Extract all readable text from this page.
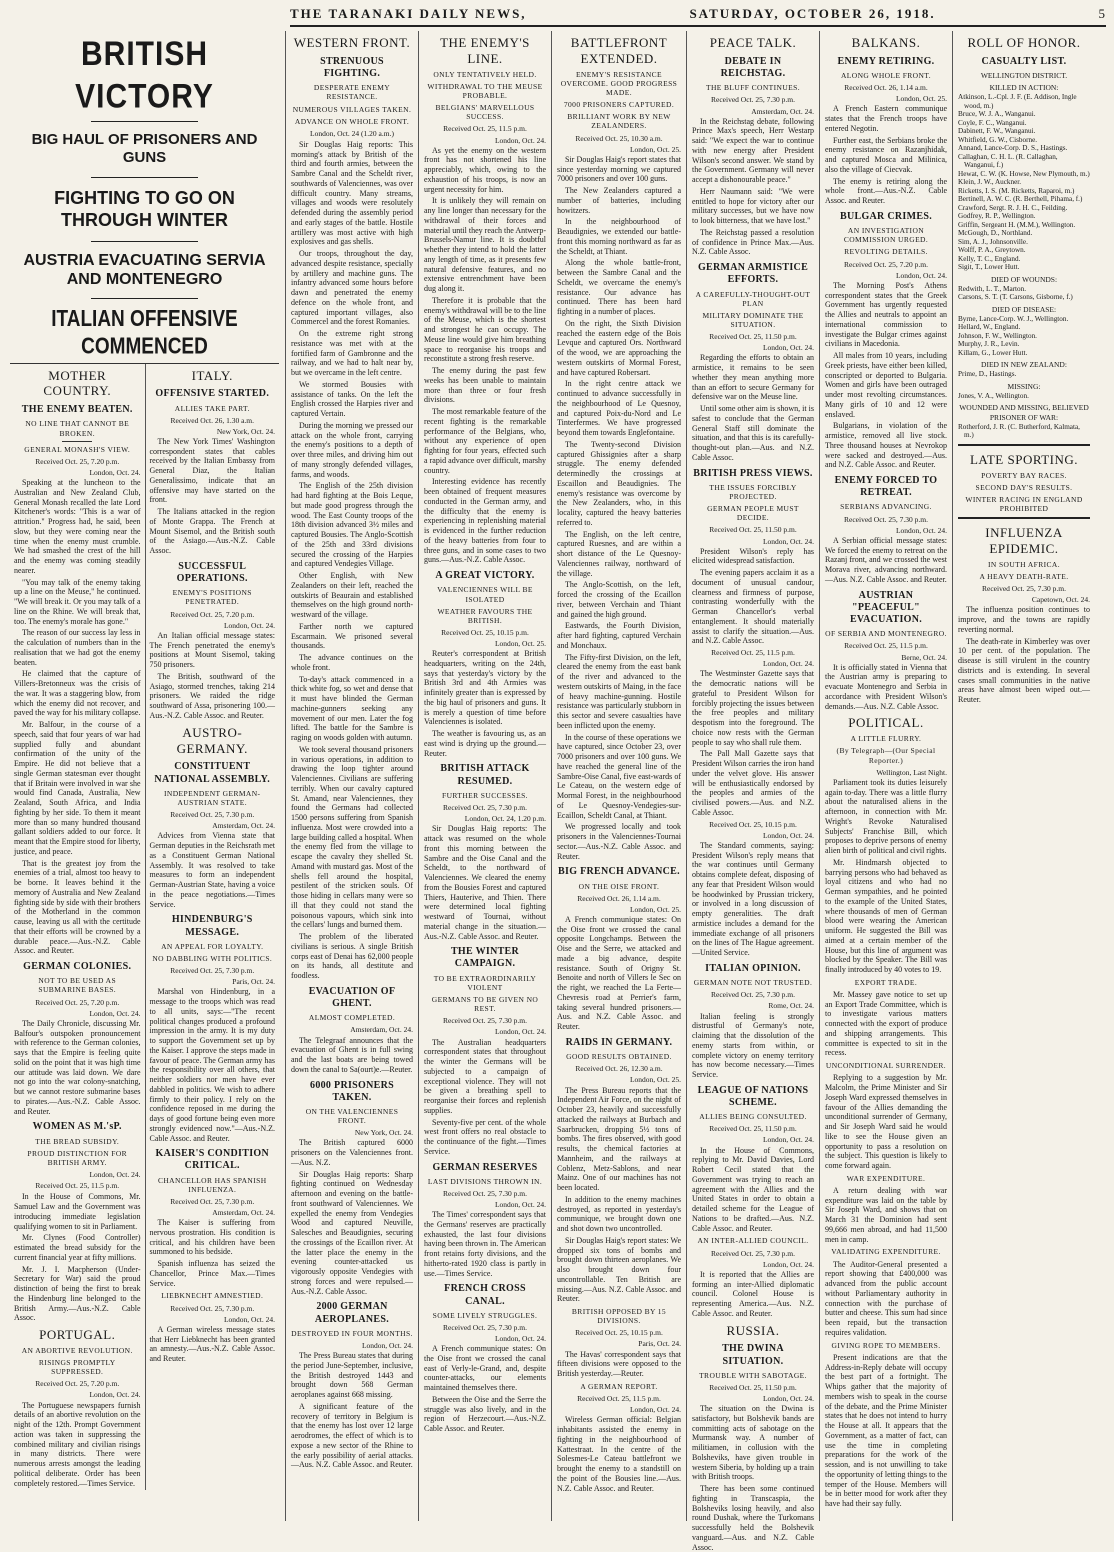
THE TARANAKI DAILY NEWS,	SATURDAY, OCTOBER 26, 1918.	5
BRITISH VICTORY
BIG HAUL OF PRISONERS AND GUNS
FIGHTING TO GO ON THROUGH WINTER
AUSTRIA EVACUATING SERVIA AND MONTENEGRO
ITALIAN OFFENSIVE COMMENCED
MOTHER COUNTRY.
THE ENEMY BEATEN.
NO LINE THAT CANNOT BE BROKEN.
GENERAL MONASH'S VIEW.
Received Oct. 25, 7.20 p.m.
London, Oct. 24.

Speaking at the luncheon to the Australian and New Zealand Club, General Monash recalled the late Lord Kitchener's words: "This is a war of attrition." Progress had, he said, been slow, but they were coming near the time when the enemy must crumble. We had smashed the crest of the hill and the enemy was coming steadily nearer.

"You may talk of the enemy taking up a line on the Meuse," he continued. "We will break it. Or you may talk of a line on the Rhine. We will break that, too. The enemy's morale has gone."

The reason of our success lay less in the calculation of numbers than in the realisation that we had got the enemy beaten.

He claimed that the capture of Villers-Bretonneux was the crisis of the war. It was a staggering blow, from which the enemy did not recover, and paved the way for his military collapse.

Mr. Balfour, in the course of a speech, said that four years of war had supplied fully and abundant confirmation of the unity of the Empire. He did not believe that a single German statesman ever thought that if Britain were involved in war she would find Canada, Australia, New Zealand, South Africa, and India fighting by her side. To them it meant more than so many hundred thousand gallant soldiers added to our force. It meant that the Empire stood for liberty, justice, and peace.

That is the greatest joy from the enemies of a trial, almost too heavy to be borne. It leaves behind it the memory of Australia and New Zealand fighting side by side with their brothers of the Motherland in the common cause, leaving us all with the certitude that their efforts will be crowned by a durable peace.—Aus.-N.Z. Cable Assoc. and Reuter.

GERMAN COLONIES.
NOT TO BE USED AS SUBMARINE BASES.
Received Oct. 25, 7.20 p.m.
London, Oct. 24.

The Daily Chronicle, discussing Mr. Balfour's outspoken pronouncement with reference to the German colonies, says that the Empire is feeling quite solid on the point that it was high time our attitude was laid down. We dare not go into the war colony-snatching, but we cannot restore submarine bases to pirates.—Aus.-N.Z. Cable Assoc. and Reuter.

WOMEN AS M.'sP.
THE BREAD SUBSIDY.
PROUD DISTINCTION FOR BRITISH ARMY.
London, Oct. 24.
Received Oct. 25, 11.5 p.m.

In the House of Commons, Mr. Samuel Law and the Government was introducing immediate legislation qualifying women to sit in Parliament.

Mr. Clynes (Food Controller) estimated the bread subsidy for the current financial year at fifty millions.

Mr. J. I. Macpherson (Under-Secretary for War) said the proud distinction of being the first to break the Hindenburg line belonged to the British Army.—Aus.-N.Z. Cable Assoc.

PORTUGAL.
AN ABORTIVE REVOLUTION.
RISINGS PROMPTLY SUPPRESSED.
Received Oct. 25, 7.20 p.m.
London, Oct. 24.

The Portuguese newspapers furnish details of an abortive revolution on the night of the 12th. Prompt Government action was taken in suppressing the combined military and civilian risings in many districts. There were numerous arrests amongst the leading political deliberate. Order has been completely restored.—Times Service.

ITALY.
OFFENSIVE STARTED.
ALLIES TAKE PART.
Received Oct. 26, 1.30 a.m.
New York, Oct. 24.

The New York Times' Washington correspondent states that cables received by the Italian Embassy from General Diaz, the Italian Generalissimo, indicate that an offensive may have started on the front.

The Italians attacked in the region of Monte Grappa. The French at Mount Sisemol, and the British south of the Asiago.—Aus.-N.Z. Cable Assoc.

SUCCESSFUL OPERATIONS.
ENEMY'S POSITIONS PENETRATED.
Received Oct. 25, 7.20 p.m.
London, Oct. 24.

An Italian official message states: The French penetrated the enemy's positions at Mount Sisemol, taking 750 prisoners.

The British, southward of the Asiago, stormed trenches, taking 214 prisoners. We raided the ridge southward of Assa, prisonering 100.—Aus.-N.Z. Cable Assoc. and Reuter.

AUSTRO-GERMANY.
CONSTITUENT NATIONAL ASSEMBLY.
INDEPENDENT GERMAN-AUSTRIAN STATE.
Received Oct. 25, 7.30 p.m.
Amsterdam, Oct. 24.

Advices from Vienna state that German deputies in the Reichsrath met as a Constituent German National Assembly. It was resolved to take measures to form an independent German-Austrian State, having a voice in the peace negotiations.—Times Service.

HINDENBURG'S MESSAGE.
AN APPEAL FOR LOYALTY.
NO DABBLING WITH POLITICS.
Received Oct. 25, 7.30 p.m.
Paris, Oct. 24.

Marshal von Hindenburg, in a message to the troops which was read to all units, says:—"The recent political changes produced a profound impression in the army. It is my duty to support the Government set up by the Kaiser. I approve the steps made in favour of peace. The German army has the responsibility over all others, that neither soldiers nor men have ever dabbled in politics. We wish to adhere firmly to their policy. I rely on the confidence reposed in me during the days of good fortune being even more strongly evidenced now."—Aus.-N.Z. Cable Assoc. and Reuter.

KAISER'S CONDITION CRITICAL.
CHANCELLOR HAS SPANISH INFLUENZA.
Received Oct. 25, 7.30 p.m.
Amsterdam, Oct. 24.

The Kaiser is suffering from nervous prostration. His condition is critical, and his children have been summoned to his bedside.

Spanish influenza has seized the Chancellor, Prince Max.—Times Service.

LIEBKNECHT AMNESTIED.
Received Oct. 25, 7.30 p.m.
London, Oct. 24.

A German wireless message states that Herr Liebknecht has been granted an amnesty.—Aus.-N.Z. Cable Assoc. and Reuter.

WESTERN FRONT.
STRENUOUS FIGHTING.
DESPERATE ENEMY RESISTANCE.
NUMEROUS VILLAGES TAKEN.
ADVANCE ON WHOLE FRONT.
London, Oct. 24 (1.20 a.m.)

Sir Douglas Haig reports: This morning's attack by British of the third and fourth armies, between the Sambre Canal and the Scheldt river, southwards of Valenciennes, was over difficult country. Many streams, villages and woods were resolutely defended during the assembly period and early stages of the battle. Hostile artillery was most active with high explosives and gas shells.

Our troops, throughout the day, advanced despite resistance, specially by artillery and machine guns. The infantry advanced some hours before dawn and penetrated the enemy defence on the whole front, and captured important villages, also Commercel and the forest Romanies.

On the extreme right strong resistance was met with at the fortified farm of Gambronne and the railway, and we had to halt near by, but we overcame in the left centre.

We stormed Bousies with assistance of tanks. On the left the English crossed the Harpies river and captured Vertain.

During the morning we pressed our attack on the whole front, carrying the enemy's positions to a depth of over three miles, and driving him out of many strongly defended villages, farms, and woods.

The English of the 25th division had hard fighting at the Bois Leque, but made good progress through the wood. The East County troops of the 18th division advanced 3½ miles and captured Bousies. The Anglo-Scottish of the 25th and 33rd divisions secured the crossing of the Harpies and captured Vendegies Village.

Other English, with New Zealanders on their left, reached the outskirts of Beaurain and established themselves on the high ground north-westward of the village.

Farther north we captured Escarmain. We prisoned several thousands.

The advance continues on the whole front.

To-day's attack commenced in a thick white fog, so wet and dense that it must have blinded the German machine-gunners seeking any movement of our men. Later the fog lifted. The battle for the Sambre is raging on woods golden with autumn.

We took several thousand prisoners in various operations, in addition to drawing the loop tighter around Valenciennes. Civilians are suffering terribly. When our cavalry captured St. Amand, near Valenciennes, they found the Germans had collected 1500 persons suffering from Spanish influenza. Most were crowded into a large building called a hospital. When the enemy fled from the village to escape the cavalry they shelled St. Amand with mustard gas. Most of the shells fell around the hospital, pestilent of the stricken souls. Of those hiding in cellars many were so ill that they could not stand the poisonous vapours, which sink into the cellars' lungs and burned them.

The problem of the liberated civilians is serious. A single British corps east of Denai has 62,000 people on its hands, all destitute and foodless.

EVACUATION OF GHENT.
ALMOST COMPLETED.
Amsterdam, Oct. 24.

The Telegraaf announces that the evacuation of Ghent is in full swing and the last boats are being towed down the canal to Sa(ourt)e.—Reuter.

6000 PRISONERS TAKEN.
ON THE VALENCIENNES FRONT.
New York, Oct. 24.

The British captured 6000 prisoners on the Valenciennes front.—Aus. N.Z.

Sir Douglas Haig reports: Sharp fighting continued on Wednesday afternoon and evening on the battle-front southward of Valenciennes. We expelled the enemy from Vendegies Wood and captured Neuville, Salesches and Beaudignies, securing the crossings of the Ecaillon river. At the latter place the enemy in the evening counter-attacked us vigorously opposite Vendegies with strong forces and were repulsed.—Aus.-N.Z. Cable Assoc.

2000 GERMAN AEROPLANES.
DESTROYED IN FOUR MONTHS.
London, Oct. 24.

The Press Bureau states that during the period June-September, inclusive, the British destroyed 1443 and brought down 568 German aeroplanes against 668 missing.

A significant feature of the recovery of territory in Belgium is that the enemy has lost over 12 large aerodromes, the effect of which is to expose a new sector of the Rhine to the early possibility of aerial attacks.—Aus. N.Z. Cable Assoc. and Reuter.

THE ENEMY'S LINE.
ONLY TENTATIVELY HELD.
WITHDRAWAL TO THE MEUSE PROBABLE.
BELGIANS' MARVELLOUS SUCCESS.
Received Oct. 25, 11.5 p.m.
London, Oct. 24.

As yet the enemy on the western front has not shortened his line appreciably, which, owing to the exhaustion of his troops, is now an urgent necessity for him.

It is unlikely they will remain on any line longer than necessary for the withdrawal of their forces and material until they reach the Antwerp-Brussels-Namur line. It is doubtful whether they intend to hold the latter any length of time, as it presents few natural defensive features, and no extensive entrenchment have been dug along it.

Therefore it is probable that the enemy's withdrawal will be to the line of the Meuse, which is the shortest and strongest he can occupy. The Meuse line would give him breathing space to reorganise his troops and reconstitute a strong fresh reserve.

The enemy during the past few weeks has been unable to maintain more than three or four fresh divisions.

The most remarkable feature of the recent fighting is the remarkable performance of the Belgians, who, without any experience of open fighting for four years, effected such a rapid advance over difficult, marshy country.

Interesting evidence has recently been obtained of frequent measures conducted in the German army, and the difficulty that the enemy is experiencing in replenishing material is evidenced in the further reduction of the heavy batteries from four to three guns, and in some cases to two guns.—Aus.-N.Z. Cable Assoc.

A GREAT VICTORY.
VALENCIENNES WILL BE ISOLATED
WEATHER FAVOURS THE BRITISH.
Received Oct. 25, 10.15 p.m.
London, Oct. 25.

Reuter's correspondent at British headquarters, writing on the 24th, says that yesterday's victory by the British 3rd and 4th Armies was infinitely greater than is expressed by the big haul of prisoners and guns. It is merely a question of time before Valenciennes is isolated.

The weather is favouring us, as an east wind is drying up the ground.—Reuter.

BRITISH ATTACK RESUMED.
FURTHER SUCCESSES.
Received Oct. 25, 7.30 p.m.
London, Oct. 24, 1.20 p.m.

Sir Douglas Haig reports: The attack was resumed on the whole front this morning between the Sambre and the Oise Canal and the Scheldt, to the northward of Valenciennes. We cleared the enemy from the Bousies Forest and captured Thiers, Hauterive, and Thien. There were determined local fighting westward of Tournai, without material change in the situation.—Aus.-N.Z. Cable Assoc. and Reuter.

THE WINTER CAMPAIGN.
TO BE EXTRAORDINARILY VIOLENT
GERMANS TO BE GIVEN NO REST.
Received Oct. 25, 7.30 p.m.
London, Oct. 24.

The Australian headquarters correspondent states that throughout the winter the Germans will be subjected to a campaign of exceptional violence. They will not be given a breathing spell to reorganise their forces and replenish supplies.

Seventy-five per cent. of the whole west front offers no real obstacle to the continuance of the fight.—Times Service.

GERMAN RESERVES
LAST DIVISIONS THROWN IN.
Received Oct. 25, 7.30 p.m.
London, Oct. 24.

The Times' correspondent says that the Germans' reserves are practically exhausted, the last four divisions having been thrown in. The American front retains forty divisions, and the hitherto-rated 1920 class is partly in use.—Times Service.

FRENCH CROSS CANAL.
SOME LIVELY STRUGGLES.
Received Oct. 25, 7.30 p.m.
London, Oct. 24.

A French communique states: On the Oise front we crossed the canal east of Verly-le-Grand, and, despite counter-attacks, our elements maintained themselves there.

Between the Oise and the Serre the struggle was also lively, and in the region of Herzecourt.—Aus.-N.Z. Cable Assoc. and Reuter.

BATTLEFRONT EXTENDED.
ENEMY'S RESISTANCE OVERCOME. GOOD PROGRESS MADE.
7000 PRISONERS CAPTURED.
BRILLIANT WORK BY NEW ZEALANDERS.
Received Oct. 25, 10.30 a.m.
London, Oct. 25.

Sir Douglas Haig's report states that since yesterday morning we captured 7000 prisoners and over 100 guns.

The New Zealanders captured a number of batteries, including howitzers.

In the neighbourhood of Beaudignies, we extended our battle-front this morning northward as far as the Scheldt, at Thiant.

Along the whole battle-front, between the Sambre Canal and the Scheldt, we overcame the enemy's resistance. Our advance has continued. There has been hard fighting in a number of places.

On the right, the Sixth Division reached the eastern edge of the Bois Levque and captured Ors. Northward of the wood, we are approaching the western outskirts of Mormal Forest, and have captured Robersart.

In the right centre attack we continued to advance successfully in the neighbourhood of Le Quesnoy, and captured Poix-du-Nord and Le Tinterfermes. We have progressed beyond them towards Englefontaine.

The Twenty-second Division captured Ghissignies after a sharp struggle. The enemy defended determinedly the crossings at Escaillon and Beaudignies. The enemy's resistance was overcome by the New Zealanders, who, in this locality, captured the heavy batteries referred to.

The English, on the left centre, captured Ruesnes, and are within a short distance of the Le Quesnoy-Valenciennes railway, northward of the village.

The Anglo-Scottish, on the left, forced the crossing of the Ecaillon river, between Verchain and Thiant and gained the high ground.

Eastwards, the Fourth Division, after hard fighting, captured Verchain and Monchaux.

The Fifty-first Division, on the left, cleared the enemy from the east bank of the river and advanced to the western outskirts of Maing, in the face of heavy machine-gunning. Hostile resistance was particularly stubborn in this sector and severe casualties have been inflicted upon the enemy.

In the course of these operations we have captured, since October 23, over 7000 prisoners and over 100 guns. We have reached the general line of the Sambre-Oise Canal, five east-wards of Le Cateau, on the western edge of Mormal Forest, in the neighbourhood of Le Quesnoy-Vendegies-sur-Ecaillon, Scheldt Canal, at Thiant.

We progressed locally and took prisoners in the Valenciennes-Tournai sector.—Aus.-N.Z. Cable Assoc. and Reuter.

BIG FRENCH ADVANCE.
ON THE OISE FRONT.
Received Oct. 26, 1.14 a.m.
London, Oct. 25.

A French communique states: On the Oise front we crossed the canal opposite Longchamps. Between the Oise and the Serre, we attacked and made a big advance, despite resistance. South of Origny St. Benoite and north of Villers le Sec on the right, we reached the La Ferte—Chevresis road at Perrier's farm, taking several hundred prisoners.—Aus. and N.Z. Cable Assoc. and Reuter.

RAIDS IN GERMANY.
GOOD RESULTS OBTAINED.
Received Oct. 26, 12.30 a.m.
London, Oct. 25.

The Press Bureau reports that the Independent Air Force, on the night of October 23, heavily and successfully attacked the railways at Burbach and Saarbrucken, dropping 5½ tons of bombs. The fires observed, with good results, the chemical factories at Mannheim, and the railways at Coblenz, Metz-Sablons, and near Mainz. One of our machines has not been located.

In addition to the enemy machines destroyed, as reported in yesterday's communique, we brought down one and shot down two uncontrolled.

Sir Douglas Haig's report states: We dropped six tons of bombs and brought down thirteen aeroplanes. We also brought down four uncontrollable. Ten British are missing.—Aus. N.Z. Cable Assoc. and Reuter.

BRITISH OPPOSED BY 15 DIVISIONS.
Received Oct. 25, 10.15 p.m.
Paris, Oct. 24.

The Havas' correspondent says that fifteen divisions were opposed to the British yesterday.—Reuter.

A GERMAN REPORT.
Received Oct. 25, 11.5 p.m.
London, Oct. 24.

Wireless German official: Belgian inhabitants assisted the enemy in fighting in the neighbourhood of Kattestraat. In the centre of the Solesmes-Le Cateau battlefront we brought the enemy to a standstill on the point of the Bousies line.—Aus. N.Z. Cable Assoc. and Reuter.

PEACE TALK.
DEBATE IN REICHSTAG.
THE BLUFF CONTINUES.
Received Oct. 25, 7.30 p.m.
Amsterdam, Oct. 24.

In the Reichstag debate, following Prince Max's speech, Herr Westarp said: "We expect the war to continue with new energy after President Wilson's second answer. We stand by the Government. Germany will never accept a dishonourable peace."

Herr Naumann said: "We were entitled to hope for victory after our military successes, but we have now to look bitterness, that we have lost."

The Reichstag passed a resolution of confidence in Prince Max.—Aus. N.Z. Cable Assoc.

GERMAN ARMISTICE EFFORTS.
A CAREFULLY-THOUGHT-OUT PLAN
MILITARY DOMINATE THE SITUATION.
Received Oct. 25, 11.50 p.m.
London, Oct. 24.

Regarding the efforts to obtain an armistice, it remains to be seen whether they mean anything more than an effort to secure Germany for defensive war on the Meuse line.

Until some other aim is shown, it is safest to conclude that the German General Staff still dominate the situation, and that this is its carefully-thought-out plan.—Aus. and N.Z. Cable Assoc.

BRITISH PRESS VIEWS.
THE ISSUES FORCIBLY PROJECTED.
GERMAN PEOPLE MUST DECIDE.
Received Oct. 25, 11.50 p.m.
London, Oct. 24.

President Wilson's reply has elicited widespread satisfaction.

The evening papers acclaim it as a document of unusual candour, clearness and firmness of purpose, contrasting wonderfully with the German Chancellor's verbal entanglement. It should materially assist to clarify the situation.—Aus. and N.Z. Cable Assoc.

Received Oct. 25, 11.5 p.m.
London, Oct. 24.

The Westminster Gazette says that the democratic nations will be grateful to President Wilson for forcibly projecting the issues between the free peoples and military despotism into the foreground. The choice now rests with the German people to say who shall rule them.

The Pall Mall Gazette says that President Wilson carries the iron hand under the velvet glove. His answer will be enthusiastically endorsed by the peoples and armies of the civilised powers.—Aus. and N.Z. Cable Assoc.

Received Oct. 25, 10.15 p.m.
London, Oct. 24.

The Standard comments, saying: President Wilson's reply means that the war continues until Germany obtains complete defeat, disposing of any fear that President Wilson would be hoodwinked by Prussian trickery, or involved in a long discussion of empty generalities. The draft armistice includes a demand for the immediate exchange of all prisoners on the lines of The Hague agreement.—United Service.

ITALIAN OPINION.
GERMAN NOTE NOT TRUSTED.
Received Oct. 25, 7.30 p.m.
Rome, Oct. 24.

Italian feeling is strongly distrustful of Germany's note, claiming that the dissolution of the enemy starts from within, or complete victory on enemy territory has now become necessary.—Times Service.

LEAGUE OF NATIONS SCHEME.
ALLIES BEING CONSULTED.
Received Oct. 25, 11.50 p.m.
London, Oct. 24.

In the House of Commons, replying to Mr. David Davies, Lord Robert Cecil stated that the Government was trying to reach an agreement with the Allies and the United States in order to obtain a detailed scheme for the League of Nations to be drafted.—Aus. N.Z. Cable Assoc. and Reuter.

AN INTER-ALLIED COUNCIL.
Received Oct. 25, 7.30 p.m.
London, Oct. 24.

It is reported that the Allies are forming an inter-Allied diplomatic council. Colonel House is representing America.—Aus. N.Z. Cable Assoc. and Reuter.

RUSSIA.
THE DWINA SITUATION.
TROUBLE WITH SABOTAGE.
Received Oct. 25, 11.50 p.m.
London, Oct. 24.

The situation on the Dwina is satisfactory, but Bolshevik bands are committing acts of sabotage on the Murmansk way. A number of militiamen, in collusion with the Bolsheviks, have given trouble in western Siberia, by holding up a train with British troops.

There has been some continued fighting in Transcaspia, the Bolsheviks losing heavily, and also round Dushak, where the Turkomans successfully held the Bolshevik vanguard.—Aus. and N.Z. Cable Assoc.

BALKANS.
ENEMY RETIRING.
ALONG WHOLE FRONT.
Received Oct. 26, 1.14 a.m.
London, Oct. 25.

A French Eastern communique states that the French troops have entered Negotin.

Further east, the Serbians broke the enemy resistance on Razanjhidak, and captured Mosca and Milinica, also the village of Ciecvak.

The enemy is retiring along the whole front.—Aus.-N.Z. Cable Assoc. and Reuter.

BULGAR CRIMES.
AN INVESTIGATION COMMISSION URGED.
REVOLTING DETAILS.
Received Oct. 25, 7.20 p.m.
London, Oct. 24.

The Morning Post's Athens correspondent states that the Greek Government has urgently requested the Allies and neutrals to appoint an international commission to investigate the Bulgar crimes against civilians in Macedonia.

All males from 10 years, including Greek priests, have either been killed, conscripted or deported to Bulgaria. Women and girls have been outraged under most revolting circumstances. Many girls of 10 and 12 were enslaved.

Bulgarians, in violation of the armistice, removed all live stock. Three thousand houses at Nevrokop were sacked and destroyed.—Aus. and N.Z. Cable Assoc. and Reuter.

ENEMY FORCED TO RETREAT.
SERBIANS ADVANCING.
Received Oct. 25, 7.30 p.m.
London, Oct. 24.

A Serbian official message states: We forced the enemy to retreat on the Razanj front, and we crossed the west Morava river, advancing northward.—Aus. N.Z. Cable Assoc. and Reuter.

AUSTRIAN "PEACEFUL" EVACUATION.
OF SERBIA AND MONTENEGRO.
Received Oct. 25, 11.5 p.m.
Berne, Oct. 24.

It is officially stated in Vienna that the Austrian army is preparing to evacuate Montenegro and Serbia in accordance with President Wilson's demands.—Aus. N.Z. Cable Assoc.

POLITICAL.
A LITTLE FLURRY.
(By Telegraph—(Our Special Reporter.)
Wellington, Last Night.

Parliament took its duties leisurely again to-day. There was a little flurry about the naturalised aliens in the afternoon, in connection with Mr. Wright's Revoke Naturalised Subjects' Franchise Bill, which proposes to deprive persons of enemy alien birth of political and civil rights.

Mr. Hindmarsh objected to barrying persons who had behaved as loyal citizens and who had no German sympathies, and he pointed to the example of the United States, where thousands of men of German blood were wearing the American uniform. He suggested the Bill was aimed at a certain member of the House, but this line of argument was blocked by the Speaker. The Bill was finally introduced by 40 votes to 19.

EXPORT TRADE.

Mr. Massey gave notice to set up an Export Trade Committee, which is to investigate various matters connected with the export of produce and shipping arrangements. This committee is expected to sit in the recess.

UNCONDITIONAL SURRENDER.

Replying to a suggestion by Mr. Malcolm, the Prime Minister and Sir Joseph Ward expressed themselves in favour of the Allies demanding the unconditional surrender of Germany, and Sir Joseph Ward said he would like to see the House given an opportunity to pass a resolution on the subject. This question is likely to come forward again.

WAR EXPENDITURE.

A return dealing with war expenditure was laid on the table by Sir Joseph Ward, and shows that on March 31 the Dominion had sent 99,666 men abroad, and had 11,500 men in camp.

VALIDATING EXPENDITURE.

The Auditor-General presented a report showing that £400,000 was advanced from the public account without Parliamentary authority in connection with the purchase of butter and cheese. This sum had since been repaid, but the transaction requires validation.

GIVING ROPE TO MEMBERS.

Present indications are that the Address-in-Reply debate will occupy the best part of a fortnight. The Whips gather that the majority of members wish to speak in the course of the debate, and the Prime Minister states that he does not intend to hurry the House at all. It appears that the Government, as a matter of fact, can use the time in completing preparations for the work of the session, and is not unwilling to take the opportunity of letting things to the temper of the House. Members will be in better mood for work after they have had their say fully.

ROLL OF HONOR.
CASUALTY LIST.
WELLINGTON DISTRICT.
KILLED IN ACTION:
Atkinson, L.-Cpl. J. F. (E. Addison, Ingle wood, m.)
Bruce, W. J. A., Wanganui.
Coyle, F. C., Wanganui.
Dabinett, F. W., Wanganui.
Whitfield, G. W., Cisborne.
Annand, Lance-Corp. D. S., Hastings.
Callaghan, C. H. L. (R. Callaghan, Wanganui, f.)
Hewat, C. W. (K. Howse, New Plymouth, m.)
Klein, J. W., Auckner.
Ricketts, I. S. (M. Ricketts, Raparoi, m.)
Bertinell, A. W. C. (R. Berthell, Pihama, f.)
Crawford, Sergt. R. J. H. C., Feilding.
Godfrey, R. P., Wellington.
Griffin, Sergeant H. (M.M.), Wellington.
McGough, D., Northland.
Sim, A. J., Johnsonville.
Wolff, P. A., Greytown.
Kelly, T. C., England.
Sigit, T., Lower Hutt.
DIED OF WOUNDS:
Redwith, L. T., Marton.
Carsons, S. T. (T. Carsons, Gisborne, f.)
DIED OF DISEASE:
Byrne, Lance-Corp. W. J., Wellington.
Hellard, W., England.
Johnson, F. W., Wellington.
Murphy, J. R., Levin.
Killam, G., Lower Hutt.
DIED IN NEW ZEALAND:
Prime, D., Hastings.
MISSING:
Jones, V. A., Wellington.
WOUNDED AND MISSING, BELIEVED PRISONER OF WAR:
Rotherford, J. R. (C. Butherford, Kalmata, m.)
LATE SPORTING.
POVERTY BAY RACES.
SECOND DAY'S RESULTS.
WINTER RACING IN ENGLAND PROHIBITED
INFLUENZA EPIDEMIC.
IN SOUTH AFRICA.
A HEAVY DEATH-RATE.
Received Oct. 25, 7.30 p.m.
Capetown, Oct. 24.

The influenza position continues to improve, and the towns are rapidly reverting normal.

The death-rate in Kimberley was over 10 per cent. of the population. The disease is still virulent in the country districts and is extending. In several cases small communities in the native areas have almost been wiped out.—Reuter.
